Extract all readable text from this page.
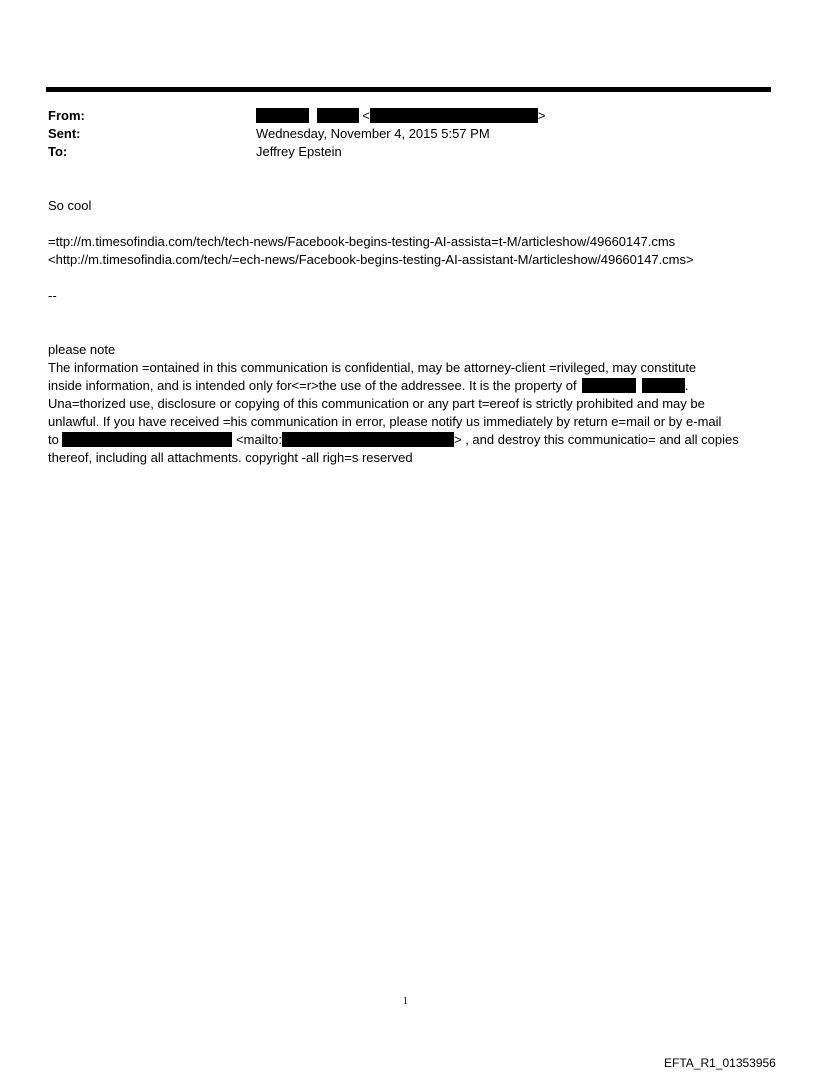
From:	<	>
Sent:	Wednesday, November 4, 2015 5:57 PM
To:	Jeffrey Epstein
So cool
=ttp://m.timesofindia.com/tech/tech-news/Facebook-begins-testing-AI-assista=t-M/articleshow/49660147.cms
<http://m.timesofindia.com/tech/=ech-news/Facebook-begins-testing-AI-assistant-M/articleshow/49660147.cms>
--
please note
The information =ontained in this communication is confidential, may be attorney-client =rivileged, may constitute
inside information, and is intended only for<=r>the use of the addressee. It is the property of	.
Una=thorized use, disclosure or copying of this communication or any part t=ereof is strictly prohibited and may be
unlawful. If you have received =his communication in error, please notify us immediately by return e=mail or by e-mail
to	<mailto:	> , and destroy this communicatio= and all copies
thereof, including all attachments. copyright -all righ=s reserved
1
EFTA_R1_01353956
